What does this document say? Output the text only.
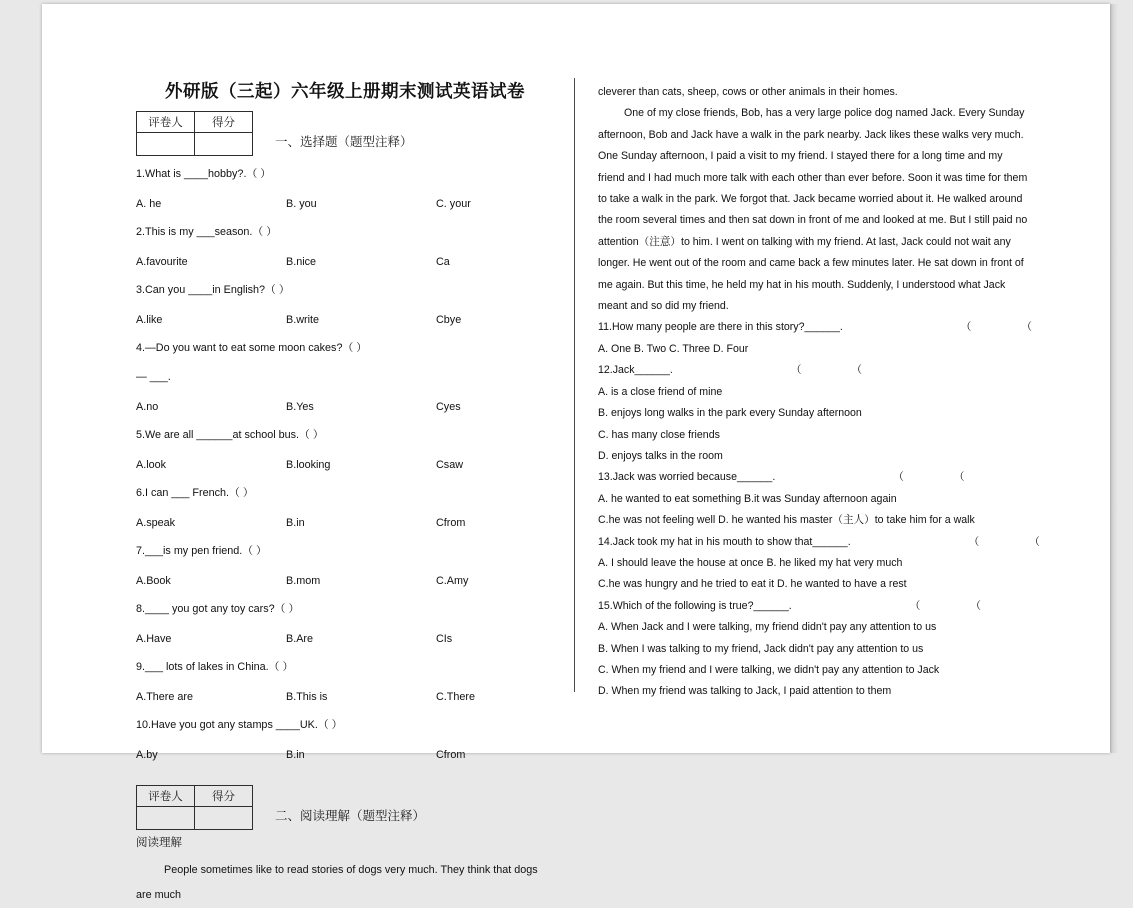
外研版（三起）六年级上册期末测试英语试卷
评卷人	得分

一、选择题（题型注释）
1.What is ____hobby?.（ ）
A. he	B. you	C. your
2.This is my ___season.（ ）
A.favourite	B.nice	Ca
3.Can you ____in English?（ ）
A.like	B.write	Cbye
4.—Do you want to eat some moon cakes?（ ）
— ___.
A.no	B.Yes	Cyes
5.We are all ______at school bus.（ ）
A.look	B.looking	Csaw
6.I can ___ French.（ ）
A.speak	B.in	Cfrom
7.___is my pen friend.（ ）
A.Book	B.mom	C.Amy
8.____ you got any toy cars?（ ）
A.Have	B.Are	CIs
9.___ lots of lakes in China.（ ）
A.There are	B.This is	C.There
10.Have you got any stamps ____UK.（ ）
A.by	B.in	Cfrom
评卷人	得分

二、阅读理解（题型注释）
阅读理解
People sometimes like to read stories of dogs very much. They think that dogs are much
cleverer than cats, sheep, cows or other animals in their homes.
One of my close friends, Bob, has a very large police dog named Jack. Every Sunday
afternoon, Bob and Jack have a walk in the park nearby. Jack likes these walks very much.
One Sunday afternoon, I paid a visit to my friend. I stayed there for a long time and my
friend and I had much more talk with each other than ever before. Soon it was time for them
to take a walk in the park. We forgot that. Jack became worried about it. He walked around
the room several times and then sat down in front of me and looked at me. But I still paid no
attention（注意）to him. I went on talking with my friend. At last, Jack could not wait any
longer. He went out of the room and came back a few minutes later. He sat down in front of
me again. But this time, he held my hat in his mouth. Suddenly, I understood what Jack
meant and so did my friend.
11.How many people are there in this story?______.	（	（
A. One B. Two C. Three D. Four
12.Jack______.	（	（
A. is a close friend of mine
B. enjoys long walks in the park every Sunday afternoon
C. has many close friends
D. enjoys talks in the room
13.Jack was worried because______.	（	（
A. he wanted to eat something B.it was Sunday afternoon again
C.he was not feeling well D. he wanted his master（主人）to take him for a walk
14.Jack took my hat in his mouth to show that______.	（	（
A. I should leave the house at once B. he liked my hat very much
C.he was hungry and he tried to eat it D. he wanted to have a rest
15.Which of the following is true?______.	（	（
A. When Jack and I were talking, my friend didn't pay any attention to us
B. When I was talking to my friend, Jack didn't pay any attention to us
C. When my friend and I were talking, we didn't pay any attention to Jack
D. When my friend was talking to Jack, I paid attention to them
